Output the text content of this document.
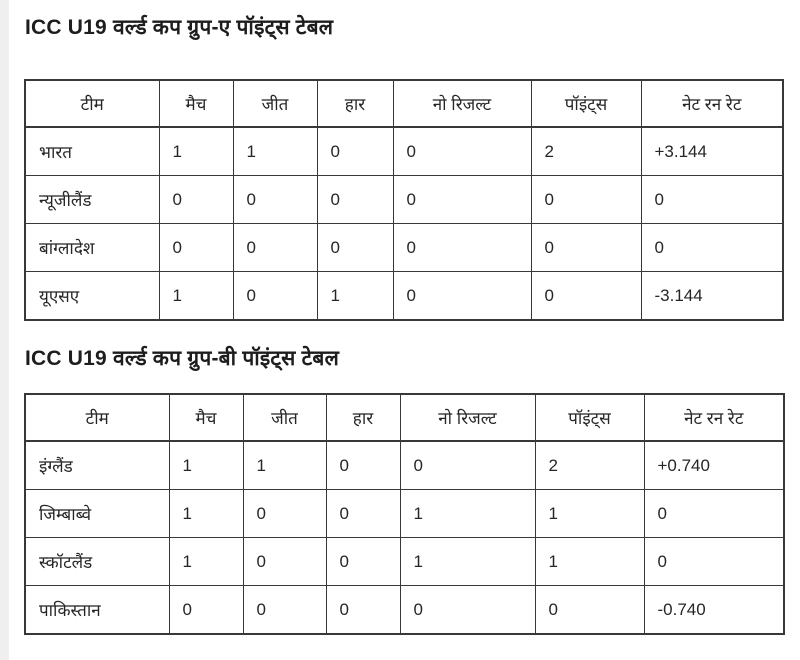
ICC U19 वर्ल्ड कप ग्रुप-ए पॉइंट्स टेबल
टीम	मैच	जीत	हार	नो रिजल्ट	पॉइंट्स	नेट रन रेट
भारत	1	1	0	0	2	+3.144
न्यूजीलैंड	0	0	0	0	0	0
बांग्लादेश	0	0	0	0	0	0
यूएसए	1	0	1	0	0	-3.144
ICC U19 वर्ल्ड कप ग्रुप-बी पॉइंट्स टेबल
टीम	मैच	जीत	हार	नो रिजल्ट	पॉइंट्स	नेट रन रेट
इंग्लैंड	1	1	0	0	2	+0.740
जिम्बाब्वे	1	0	0	1	1	0
स्कॉटलैंड	1	0	0	1	1	0
पाकिस्तान	0	0	0	0	0	-0.740
